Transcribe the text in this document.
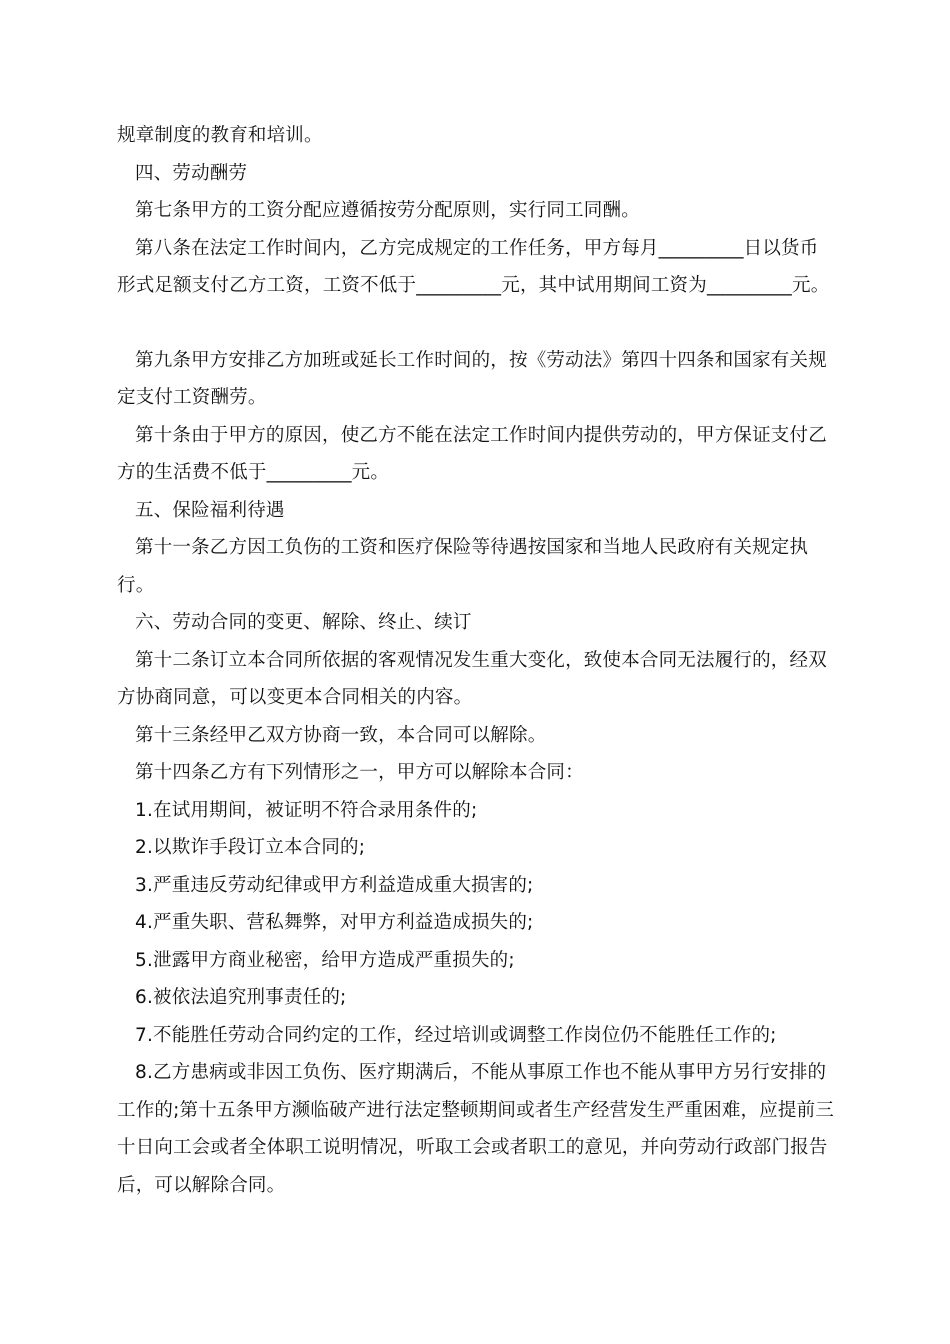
规章制度的教育和培训。

四、劳动酬劳

第七条甲方的工资分配应遵循按劳分配原则，实行同工同酬。

第八条在法定工作时间内，乙方完成规定的工作任务，甲方每月_________日以货币形式足额支付乙方工资，工资不低于_________元，其中试用期间工资为_________元。

第九条甲方安排乙方加班或延长工作时间的，按《劳动法》第四十四条和国家有关规定支付工资酬劳。

第十条由于甲方的原因，使乙方不能在法定工作时间内提供劳动的，甲方保证支付乙方的生活费不低于_________元。

五、保险福利待遇

第十一条乙方因工负伤的工资和医疗保险等待遇按国家和当地人民政府有关规定执行。

六、劳动合同的变更、解除、终止、续订

第十二条订立本合同所依据的客观情况发生重大变化，致使本合同无法履行的，经双方协商同意，可以变更本合同相关的内容。

第十三条经甲乙双方协商一致，本合同可以解除。

第十四条乙方有下列情形之一，甲方可以解除本合同：

1.在试用期间，被证明不符合录用条件的;

2.以欺诈手段订立本合同的;

3.严重违反劳动纪律或甲方利益造成重大损害的;

4.严重失职、营私舞弊，对甲方利益造成损失的;

5.泄露甲方商业秘密，给甲方造成严重损失的;

6.被依法追究刑事责任的;

7.不能胜任劳动合同约定的工作，经过培训或调整工作岗位仍不能胜任工作的;

8.乙方患病或非因工负伤、医疗期满后，不能从事原工作也不能从事甲方另行安排的工作的;第十五条甲方濒临破产进行法定整顿期间或者生产经营发生严重困难，应提前三十日向工会或者全体职工说明情况，听取工会或者职工的意见，并向劳动行政部门报告后，可以解除合同。
